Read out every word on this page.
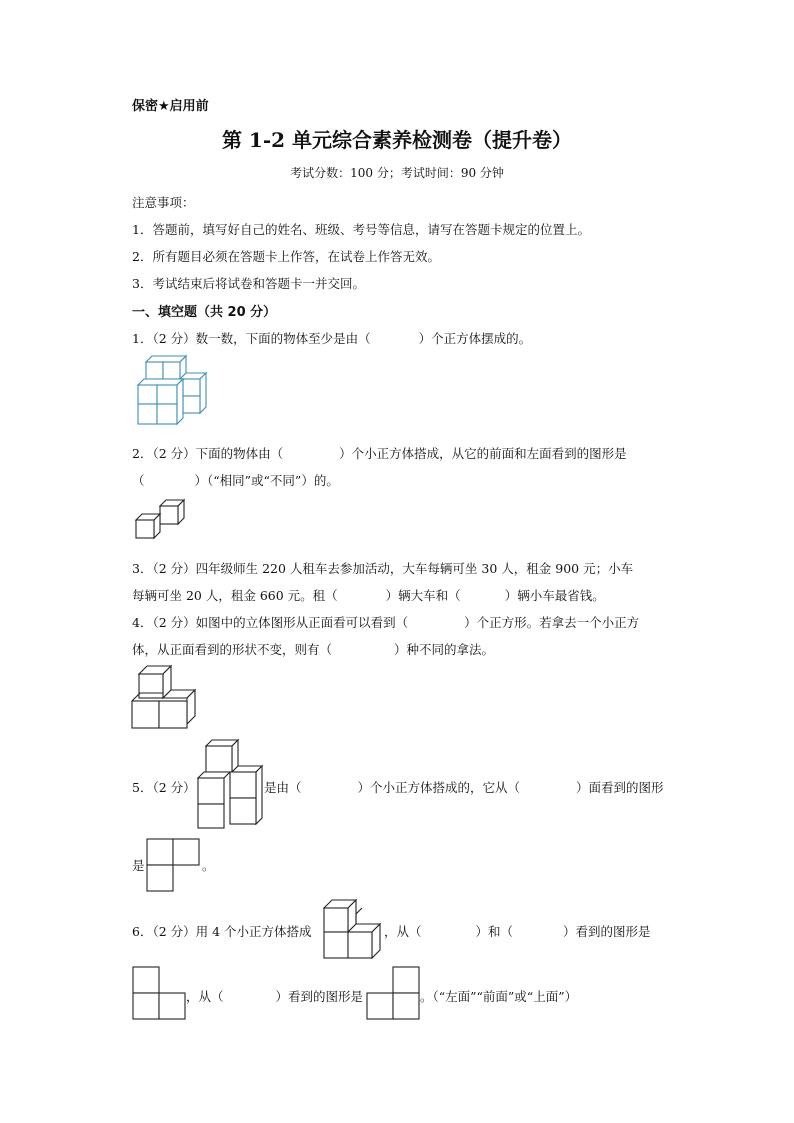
保密★启用前
第 1-2 单元综合素养检测卷（提升卷）
考试分数：100 分；考试时间：90 分钟
注意事项：
1．答题前，填写好自己的姓名、班级、考号等信息，请写在答题卡规定的位置上。
2．所有题目必须在答题卡上作答，在试卷上作答无效。
3．考试结束后将试卷和答题卡一并交回。
一、填空题（共 20 分）
1．（2 分）数一数，下面的物体至少是由（	）个正方体摆成的。
2．（2 分）下面的物体由（	）个小正方体搭成，从它的前面和左面看到的图形是
（	）（“相同”或“不同”）的。
3．（2 分）四年级师生 220 人租车去参加活动，大车每辆可坐 30 人，租金 900 元；小车
每辆可坐 20 人，租金 660 元。租（	）辆大车和（	）辆小车最省钱。
4．（2 分）如图中的立体图形从正面看可以看到（	）个正方形。若拿去一个小正方
体，从正面看到的形状不变，则有（	）种不同的拿法。
5．（2 分）	是由（	）个小正方体搭成的，它从（	）面看到的图形
是	。
6．（2 分）用 4 个小正方体搭成	，从（	）和（	）看到的图形是
，从（	）看到的图形是	。（“左面”“前面”或“上面”）
